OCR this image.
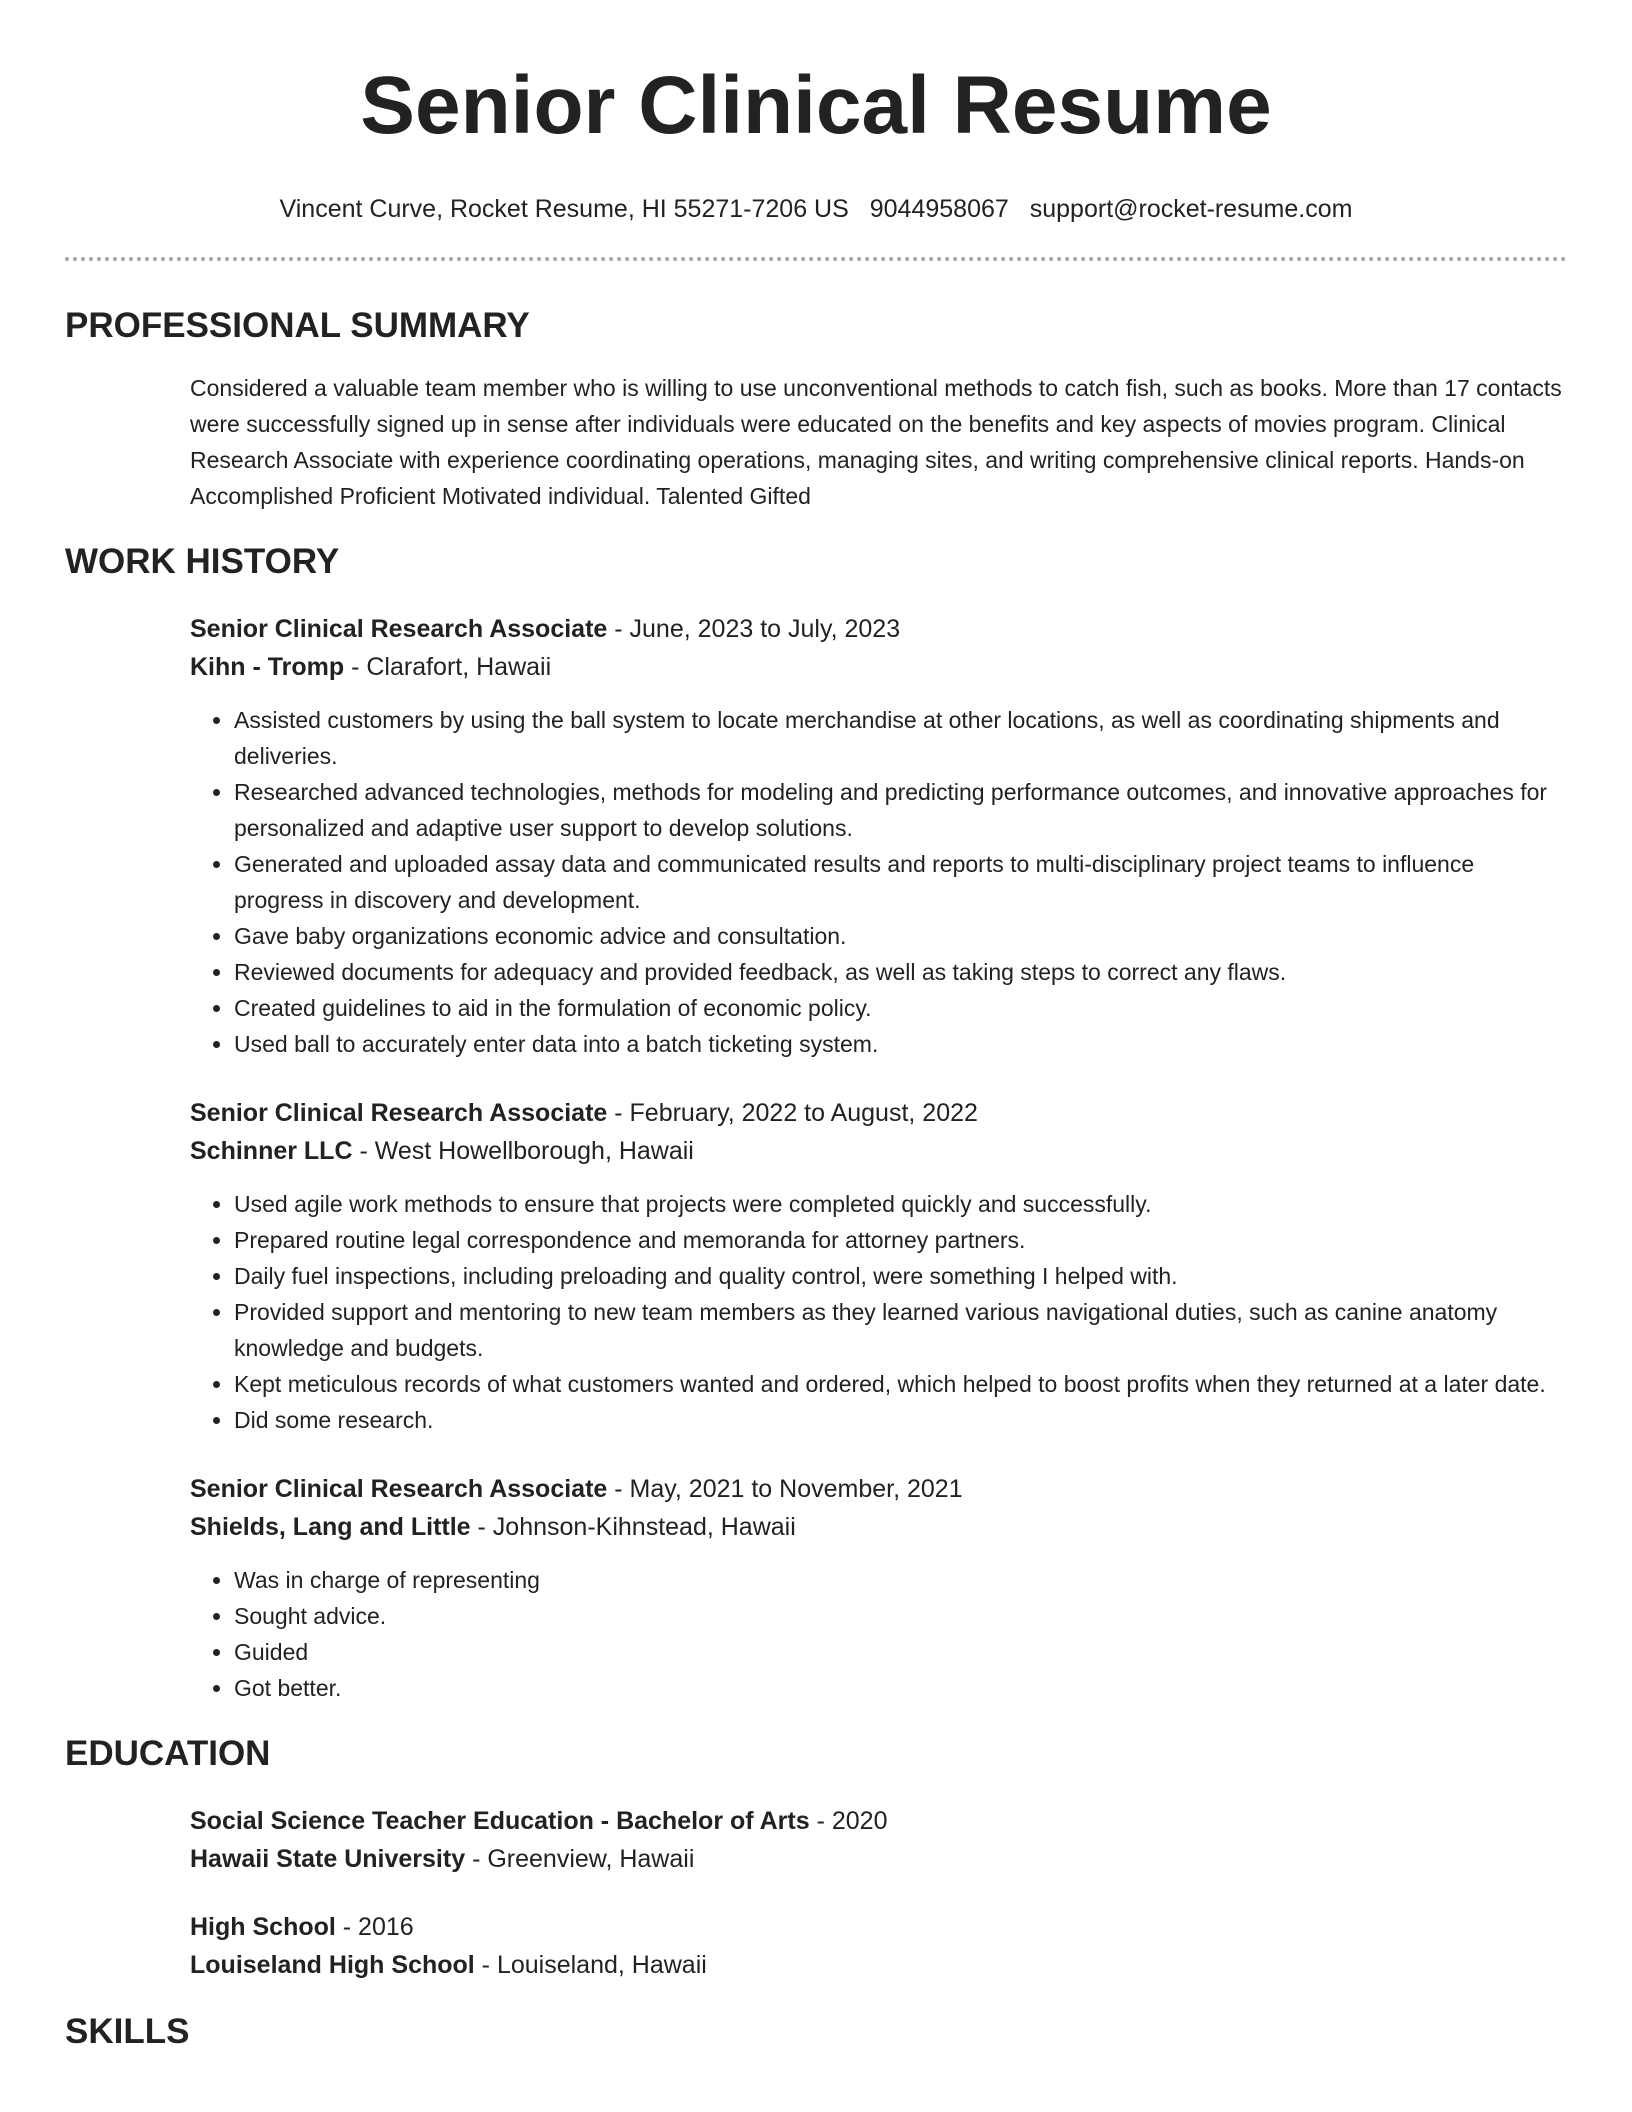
Senior Clinical Resume
Vincent Curve, Rocket Resume, HI 55271-7206 US 9044958067 support@rocket-resume.com
PROFESSIONAL SUMMARY
Considered a valuable team member who is willing to use unconventional methods to catch fish, such as books. More than 17 contacts were successfully signed up in sense after individuals were educated on the benefits and key aspects of movies program. Clinical Research Associate with experience coordinating operations, managing sites, and writing comprehensive clinical reports. Hands-on Accomplished Proficient Motivated individual. Talented Gifted
WORK HISTORY
Senior Clinical Research Associate - June, 2023 to July, 2023
Kihn - Tromp - Clarafort, Hawaii
• Assisted customers by using the ball system to locate merchandise at other locations, as well as coordinating shipments and deliveries.
• Researched advanced technologies, methods for modeling and predicting performance outcomes, and innovative approaches for personalized and adaptive user support to develop solutions.
• Generated and uploaded assay data and communicated results and reports to multi-disciplinary project teams to influence progress in discovery and development.
• Gave baby organizations economic advice and consultation.
• Reviewed documents for adequacy and provided feedback, as well as taking steps to correct any flaws.
• Created guidelines to aid in the formulation of economic policy.
• Used ball to accurately enter data into a batch ticketing system.
Senior Clinical Research Associate - February, 2022 to August, 2022
Schinner LLC - West Howellborough, Hawaii
• Used agile work methods to ensure that projects were completed quickly and successfully.
• Prepared routine legal correspondence and memoranda for attorney partners.
• Daily fuel inspections, including preloading and quality control, were something I helped with.
• Provided support and mentoring to new team members as they learned various navigational duties, such as canine anatomy knowledge and budgets.
• Kept meticulous records of what customers wanted and ordered, which helped to boost profits when they returned at a later date.
• Did some research.
Senior Clinical Research Associate - May, 2021 to November, 2021
Shields, Lang and Little - Johnson-Kihnstead, Hawaii
• Was in charge of representing
• Sought advice.
• Guided
• Got better.
EDUCATION
Social Science Teacher Education - Bachelor of Arts - 2020
Hawaii State University - Greenview, Hawaii
High School - 2016
Louiseland High School - Louiseland, Hawaii
SKILLS
